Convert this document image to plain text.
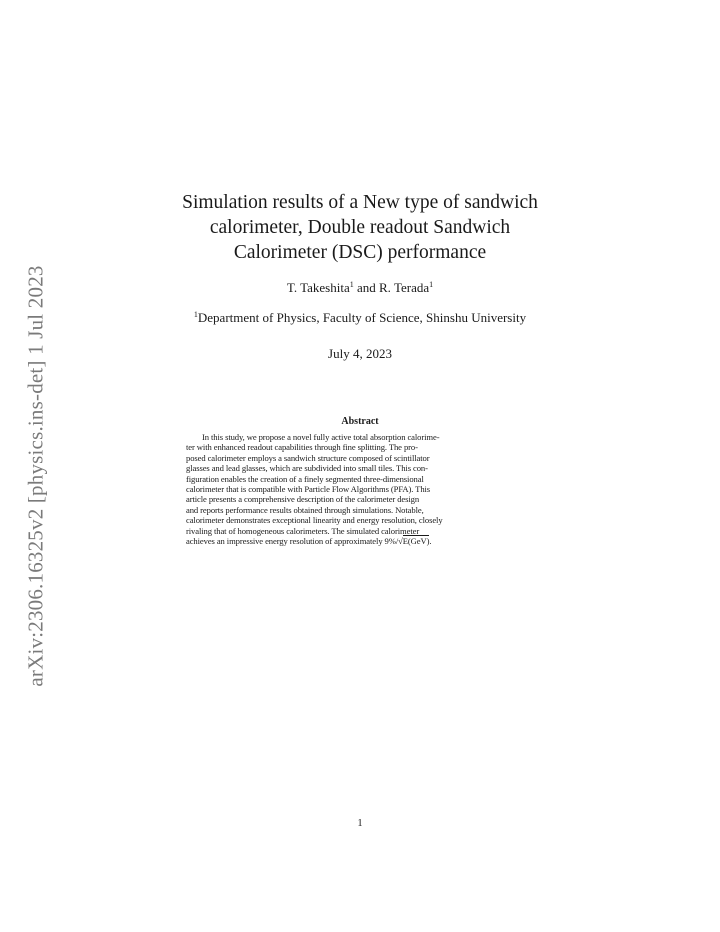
arXiv:2306.16325v2 [physics.ins-det] 1 Jul 2023
Simulation results of a New type of sandwich
calorimeter, Double readout Sandwich
Calorimeter (DSC) performance
T. Takeshita$^1$ and R. Terada$^1$
$^1$Department of Physics, Faculty of Science, Shinshu University
July 4, 2023
Abstract
In this study, we propose a novel fully active total absorption calorime-
ter with enhanced readout capabilities through fine splitting. The pro-
posed calorimeter employs a sandwich structure composed of scintillator
glasses and lead glasses, which are subdivided into small tiles. This con-
figuration enables the creation of a finely segmented three-dimensional
calorimeter that is compatible with Particle Flow Algorithms (PFA). This
article presents a comprehensive description of the calorimeter design
and reports performance results obtained through simulations. Notable,
calorimeter demonstrates exceptional linearity and energy resolution, closely
rivaling that of homogeneous calorimeters. The simulated calorimeter
achieves an impressive energy resolution of approximately 9%/√E(GeV).
1
